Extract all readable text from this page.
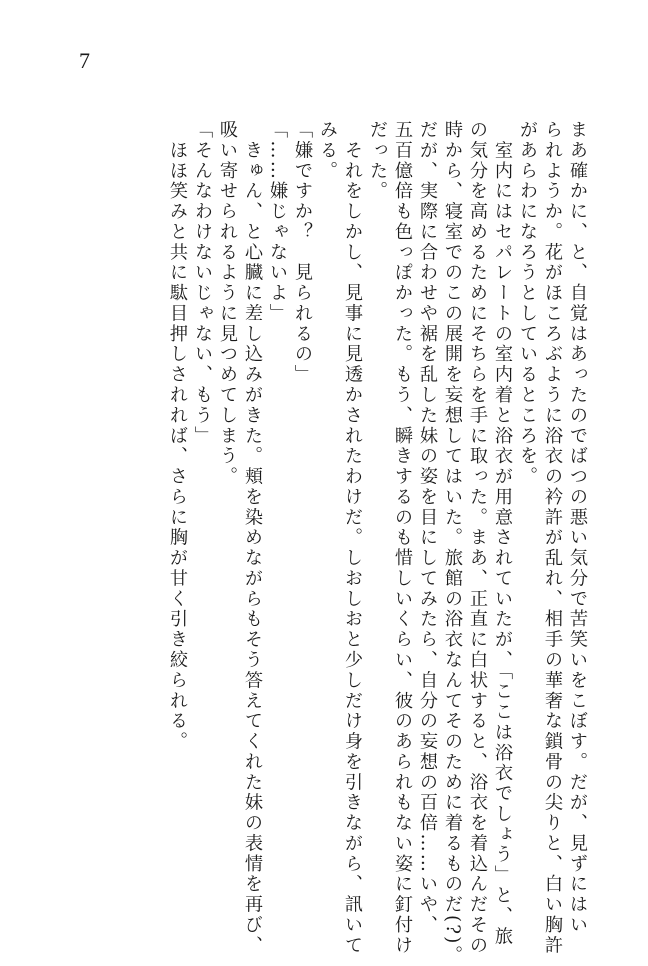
7
まあ確かに、と、自覚はあったのでばつの悪い気分で苦笑いをこぼす。だが、見ずにはい
られようか。花がほころぶように浴衣の衿許が乱れ、相手の華奢な鎖骨の尖りと、白い胸許
があらわになろうとしているところを。
　室内にはセパレートの室内着と浴衣が用意されていたが、「ここは浴衣でしょう」と、旅
の気分を高めるためにそちらを手に取った。まあ、正直に白状すると、浴衣を着込んだその
時から、寝室でのこの展開を妄想してはいた。旅館の浴衣なんてそのために着るものだ(?)。
だが、実際に合わせや裾を乱した妹の姿を目にしてみたら、自分の妄想の百倍……いや、
五百億倍も色っぽかった。もう、瞬きするのも惜しいくらい、彼のあられもない姿に釘付け
だった。
　それをしかし、見事に見透かされたわけだ。しおしおと少しだけ身を引きながら、訊いて
みる。
「嫌ですか？　見られるの」
「……嫌じゃないよ」
　きゅん、と心臓に差し込みがきた。頬を染めながらもそう答えてくれた妹の表情を再び、
吸い寄せられるように見つめてしまう。
「そんなわけないじゃない、もう」
　ほほ笑みと共に駄目押しされれば、さらに胸が甘く引き絞られる。
